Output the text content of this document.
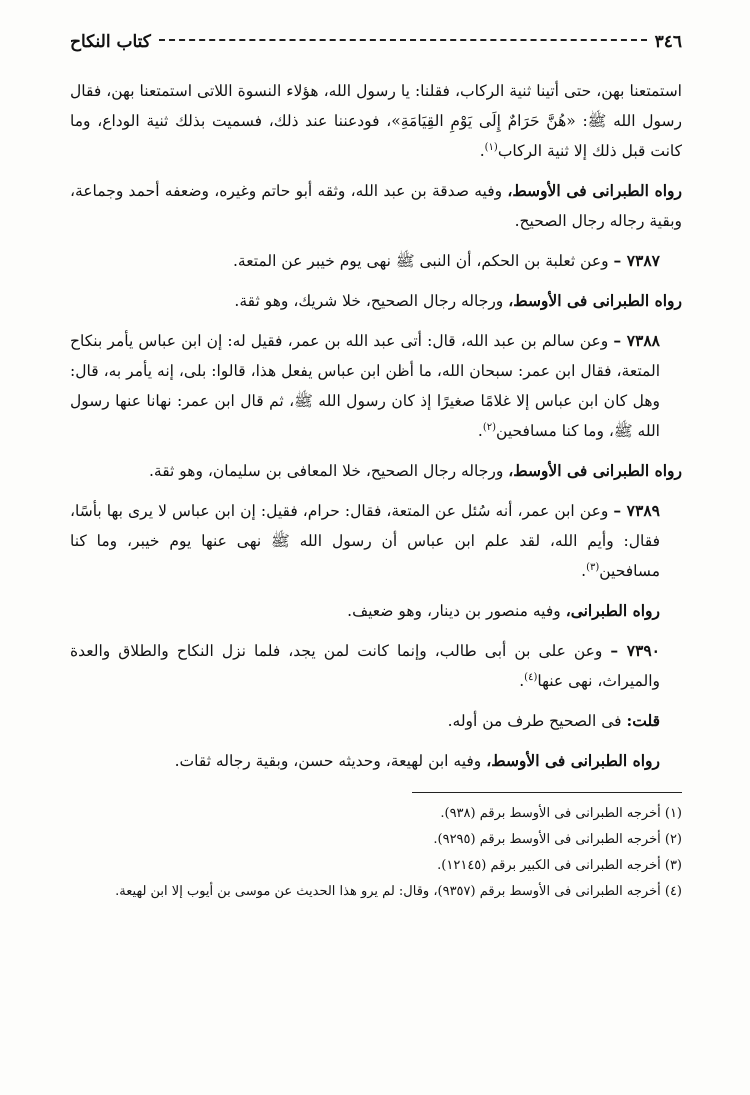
٣٤٦
كتاب النكاح

استمتعنا بهن، حتى أتينا ثنية الركاب، فقلنا: يا رسول الله، هؤلاء النسوة اللاتى استمتعنا بهن، فقال رسول الله ﷺ: «هُنَّ حَرَامٌ إِلَى يَوْمِ القِيَامَةِ»، فودعننا عند ذلك، فسميت بذلك ثنية الوداع، وما كانت قبل ذلك إلا ثنية الركاب$^{(١)}$.

رواه الطبرانى فى الأوسط، وفيه صدقة بن عبد الله، وثقه أبو حاتم وغيره، وضعفه أحمد وجماعة، وبقية رجاله رجال الصحيح.

٧٣٨٧ – وعن ثعلبة بن الحكم، أن النبى ﷺ نهى يوم خيبر عن المتعة.

رواه الطبرانى فى الأوسط، ورجاله رجال الصحيح، خلا شريك، وهو ثقة.

٧٣٨٨ – وعن سالم بن عبد الله، قال: أتى عبد الله بن عمر، فقيل له: إن ابن عباس يأمر بنكاح المتعة، فقال ابن عمر: سبحان الله، ما أظن ابن عباس يفعل هذا، قالوا: بلى، إنه يأمر به، قال: وهل كان ابن عباس إلا غلامًا صغيرًا إذ كان رسول الله ﷺ، ثم قال ابن عمر: نهانا عنها رسول الله ﷺ، وما كنا مسافحين$^{(٢)}$.

رواه الطبرانى فى الأوسط، ورجاله رجال الصحيح، خلا المعافى بن سليمان، وهو ثقة.

٧٣٨٩ – وعن ابن عمر، أنه سُئل عن المتعة، فقال: حرام، فقيل: إن ابن عباس لا يرى بها بأسًا، فقال: وأيم الله، لقد علم ابن عباس أن رسول الله ﷺ نهى عنها يوم خيبر، وما كنا مسافحين$^{(٣)}$.

رواه الطبرانى، وفيه منصور بن دينار، وهو ضعيف.

٧٣٩٠ – وعن على بن أبى طالب، وإنما كانت لمن يجد، فلما نزل النكاح والطلاق والعدة والميراث، نهى عنها$^{(٤)}$.

قلت: فى الصحيح طرف من أوله.

رواه الطبرانى فى الأوسط، وفيه ابن لهيعة، وحديثه حسن، وبقية رجاله ثقات.

(١) أخرجه الطبرانى فى الأوسط برقم (٩٣٨).

(٢) أخرجه الطبرانى فى الأوسط برقم (٩٢٩٥).

(٣) أخرجه الطبرانى فى الكبير برقم (١٢١٤٥).

(٤) أخرجه الطبرانى فى الأوسط برقم (٩٣٥٧)، وقال: لم يرو هذا الحديث عن موسى بن أيوب إلا ابن لهيعة.
